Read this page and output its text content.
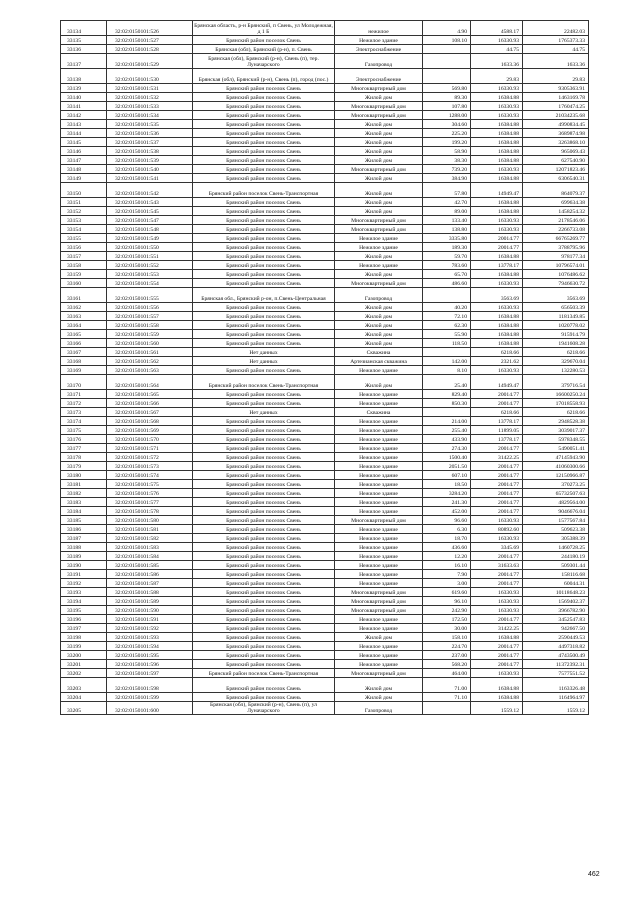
33134	32:02:0150101:526	Брянская область, р-н Брянский, п Свень, ул Молодежная, д 1 Б	нежилое	4.90	4588.17	22482.03
33135	32:02:0150101:527	Брянский район поселок Свень	Нежилое здание	108.10	16330.93	1765373.33
33136	32:02:0150101:528	Брянская (обл), Брянский (р-н), п. Свень	Электроснабжение		44.75	44.75
33137	32:02:0150101:529	Брянская (обл), Брянский (р-н), Свень (п), тер. Луначарского	Газопровод		1633.36	1633.36
33138	32:02:0150101:530	Брянская (обл), Брянский (р-н), Свень (п), город (пос.)	Электроснабжение		29.83	29.83
33139	32:02:0150101:531	Брянский район поселок Свень	Многоквартирный дом	569.80	16330.93	9305363.91
33140	32:02:0150101:532	Брянский район поселок Свень	Жилой дом	89.30	16384.88	1463169.78
33141	32:02:0150101:533	Брянский район поселок Свень	Многоквартирный дом	107.80	16330.93	1760474.25
33142	32:02:0150101:534	Брянский район поселок Свень	Многоквартирный дом	1288.00	16330.93	21034235.68
33143	32:02:0150101:535	Брянский район поселок Свень	Жилой дом	304.60	16384.88	4990834.45
33144	32:02:0150101:536	Брянский район поселок Свень	Жилой дом	225.20	16384.88	3689874.98
33145	32:02:0150101:537	Брянский район поселок Свень	Жилой дом	199.20	16384.88	3263868.10
33146	32:02:0150101:538	Брянский район поселок Свень	Жилой дом	58.90	16384.88	965069.43
33147	32:02:0150101:539	Брянский район поселок Свень	Жилой дом	38.30	16384.88	627540.90
33148	32:02:0150101:540	Брянский район поселок Свень	Многоквартирный дом	739.20	16330.93	12071823.46
33149	32:02:0150101:541	Брянский район поселок Свень	Жилой дом	384.90	16384.88	6306540.31
33150	32:02:0150101:542	Брянский район поселок Свень-Транспортная	Жилой дом	57.80	14949.47	864079.37
33151	32:02:0150101:543	Брянский район поселок Свень	Жилой дом	42.70	16384.88	699634.38
33152	32:02:0150101:545	Брянский район поселок Свень	Жилой дом	89.00	16384.88	1458254.32
33153	32:02:0150101:547	Брянский район поселок Свень	Многоквартирный дом	133.40	16330.93	2178546.06
33154	32:02:0150101:548	Брянский район поселок Свень	Многоквартирный дом	138.80	16330.93	2266733.08
33155	32:02:0150101:549	Брянский район поселок Свень	Нежилое здание	3335.80	20014.77	66765269.77
33156	32:02:0150101:550	Брянский район поселок Свень	Нежилое здание	189.30	20014.77	3788795.96
33157	32:02:0150101:551	Брянский район поселок Свень	Жилой дом	59.70	16384.88	978177.34
33158	32:02:0150101:552	Брянский район поселок Свень	Нежилое здание	783.60	13778.17	10796574.01
33159	32:02:0150101:553	Брянский район поселок Свень	Жилой дом	65.70	16384.88	1076486.62
33160	32:02:0150101:554	Брянский район поселок Свень	Многоквартирный дом	486.60	16330.93	7946630.72
33161	32:02:0150101:555	Брянская обл., Брянский р-он, п.Свень-Центральная	Газопровод		3563.69	3563.69
33162	32:02:0150101:556	Брянский район поселок Свень	Жилой дом	40.20	16330.93	656503.39
33163	32:02:0150101:557	Брянский район поселок Свень	Жилой дом	72.10	16384.88	1181349.85
33164	32:02:0150101:558	Брянский район поселок Свень	Жилой дом	62.30	16384.88	1020778.02
33165	32:02:0150101:559	Брянский район поселок Свень	Жилой дом	55.90	16384.88	915914.79
33166	32:02:0150101:560	Брянский район поселок Свень	Жилой дом	118.50	16384.88	1941608.28
33167	32:02:0150101:561	Нет данных	Скважина		6218.66	6218.66
33168	32:02:0150101:562	Нет данных	Артезианская скважина	142.00	2321.62	329670.04
33169	32:02:0150101:563	Брянский район поселок Свень	Нежилое здание	8.10	16330.93	132280.53
33170	32:02:0150101:564	Брянский район поселок Свень-Транспортная	Жилой дом	25.40	14949.47	379716.54
33171	32:02:0150101:565	Брянский район поселок Свень	Нежилое здание	829.40	20014.77	16600250.24
33172	32:02:0150101:566	Брянский район поселок Свень	Нежилое здание	850.30	20014.77	17018558.93
33173	32:02:0150101:567	Нет данных	Скважина		6218.66	6218.66
33174	32:02:0150101:568	Брянский район поселок Свень	Нежилое здание	214.00	13778.17	2948528.38
33175	32:02:0150101:569	Брянский район поселок Свень	Нежилое здание	255.40	11899.05	3039017.37
33176	32:02:0150101:570	Брянский район поселок Свень	Нежилое здание	433.90	13778.17	5978348.55
33177	32:02:0150101:571	Брянский район поселок Свень	Нежилое здание	274.30	20014.77	5490051.41
33178	32:02:0150101:572	Брянский район поселок Свень	Нежилое здание	1500.40	31422.25	47145943.90
33179	32:02:0150101:573	Брянский район поселок Свень	Нежилое здание	2051.50	20014.77	41060300.66
33180	32:02:0150101:574	Брянский район поселок Свень	Нежилое здание	607.10	20014.77	12150966.87
33181	32:02:0150101:575	Брянский район поселок Свень	Нежилое здание	18.50	20014.77	370273.25
33182	32:02:0150101:576	Брянский район поселок Свень	Нежилое здание	3284.20	20014.77	65732507.63
33183	32:02:0150101:577	Брянский район поселок Свень	Нежилое здание	241.30	20014.77	4829564.00
33184	32:02:0150101:578	Брянский район поселок Свень	Нежилое здание	452.00	20014.77	9046676.04
33185	32:02:0150101:580	Брянский район поселок Свень	Многоквартирный дом	96.60	16330.93	1577567.84
33186	32:02:0150101:581	Брянский район поселок Свень	Нежилое здание	6.30	80892.60	509623.38
33187	32:02:0150101:582	Брянский район поселок Свень	Нежилое здание	18.70	16330.93	305388.39
33188	32:02:0150101:583	Брянский район поселок Свень	Нежилое здание	436.60	3345.69	1460728.25
33189	32:02:0150101:584	Брянский район поселок Свень	Нежилое здание	12.20	20014.77	244180.19
33190	32:02:0150101:585	Брянский район поселок Свень	Нежилое здание	16.10	31633.63	509301.44
33191	32:02:0150101:586	Брянский район поселок Свень	Нежилое здание	7.90	20014.77	158116.68
33192	32:02:0150101:587	Брянский район поселок Свень	Нежилое здание	3.00	20014.77	60044.31
33193	32:02:0150101:588	Брянский район поселок Свень	Многоквартирный дом	619.60	16330.93	10118648.23
33194	32:02:0150101:589	Брянский район поселок Свень	Многоквартирный дом	96.10	16330.93	1569402.37
33195	32:02:0150101:590	Брянский район поселок Свень	Многоквартирный дом	242.90	16330.93	3966782.90
33196	32:02:0150101:591	Брянский район поселок Свень	Нежилое здание	172.50	20014.77	3452547.83
33197	32:02:0150101:592	Брянский район поселок Свень	Нежилое здание	30.00	31422.25	942667.50
33198	32:02:0150101:593	Брянский район поселок Свень	Жилой дом	158.10	16384.88	2590449.53
33199	32:02:0150101:594	Брянский район поселок Свень	Нежилое здание	224.70	20014.77	4497318.82
33200	32:02:0150101:595	Брянский район поселок Свень	Нежилое здание	237.00	20014.77	4743500.49
33201	32:02:0150101:596	Брянский район поселок Свень	Нежилое здание	568.20	20014.77	11372392.31
33202	32:02:0150101:597	Брянский район поселок Свень-Транспортная	Многоквартирный дом	464.00	16330.93	7577551.52
33203	32:02:0150101:598	Брянский район поселок Свень	Жилой дом	71.00	16384.88	1163326.48
33204	32:02:0150101:599	Брянский район поселок Свень	Жилой дом	71.10	16384.88	1164964.97
33205	32:02:0150101:600	Брянская (обл), Брянский (р-н), Свень (п), ул Луначарского	Газопровод		1559.12	1559.12
462
